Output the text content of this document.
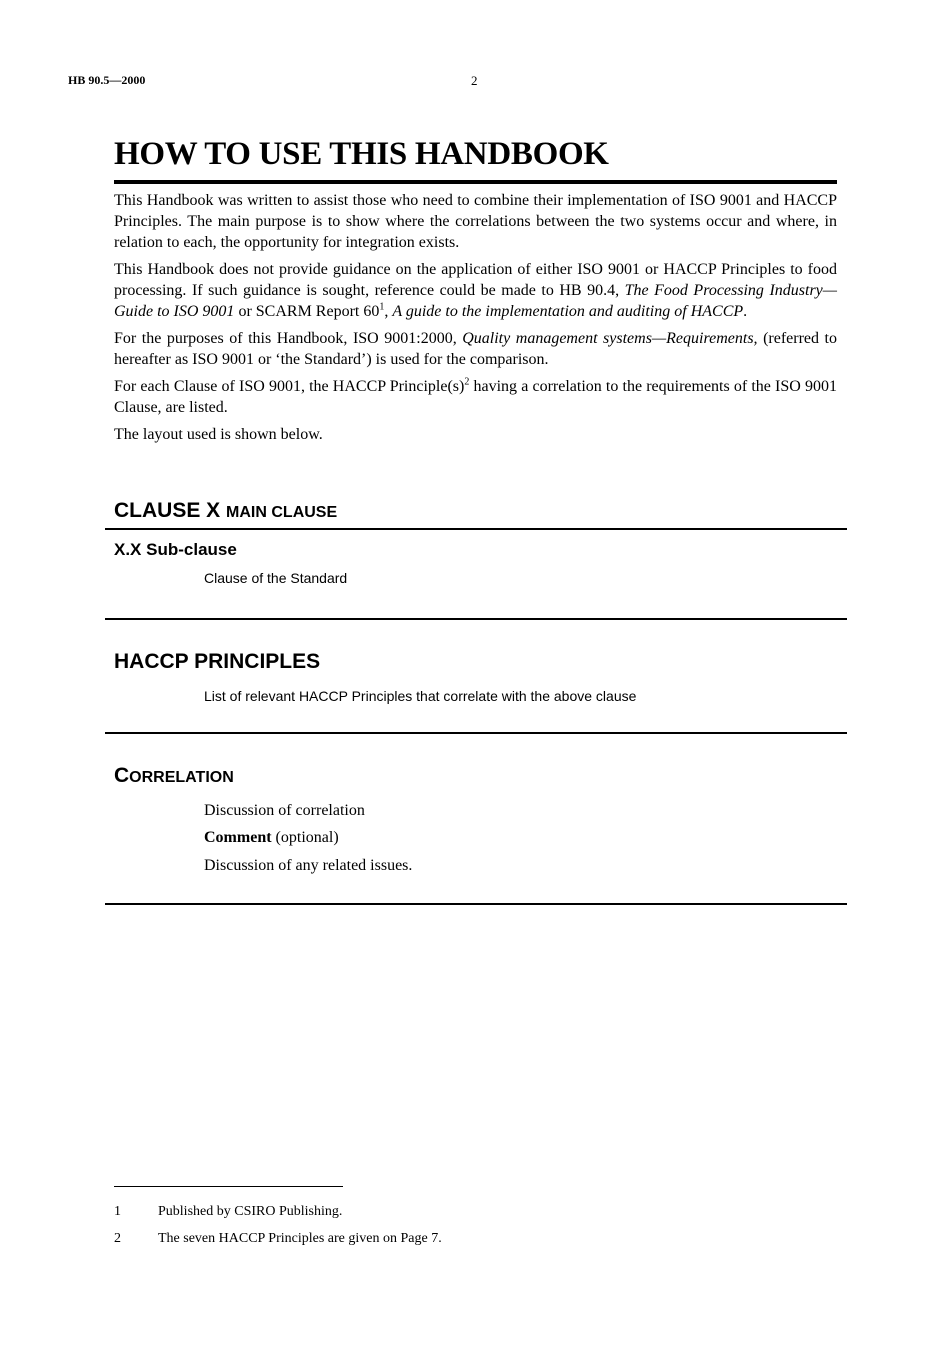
HB 90.5—2000	2
HOW TO USE THIS HANDBOOK

This Handbook was written to assist those who need to combine their implementation of ISO 9001 and HACCP Principles. The main purpose is to show where the correlations between the two systems occur and where, in relation to each, the opportunity for integration exists.

This Handbook does not provide guidance on the application of either ISO 9001 or HACCP Principles to food processing. If such guidance is sought, reference could be made to HB 90.4, The Food Processing Industry—Guide to ISO 9001 or SCARM Report $60^1$, A guide to the implementation and auditing of HACCP.

For the purposes of this Handbook, ISO 9001:2000, Quality management systems—Requirements, (referred to hereafter as ISO 9001 or ‘the Standard’) is used for the comparison.

For each Clause of ISO 9001, the HACCP $Principle(s)^2$ having a correlation to the requirements of the ISO 9001 Clause, are listed.

The layout used is shown below.

CLAUSE X MAIN CLAUSE
X.X Sub-clause
Clause of the Standard
HACCP PRINCIPLES
List of relevant HACCP Principles that correlate with the above clause
CORRELATION
Discussion of correlation
Comment (optional)
Discussion of any related issues.
1	Published by CSIRO Publishing.
2	The seven HACCP Principles are given on Page 7.
